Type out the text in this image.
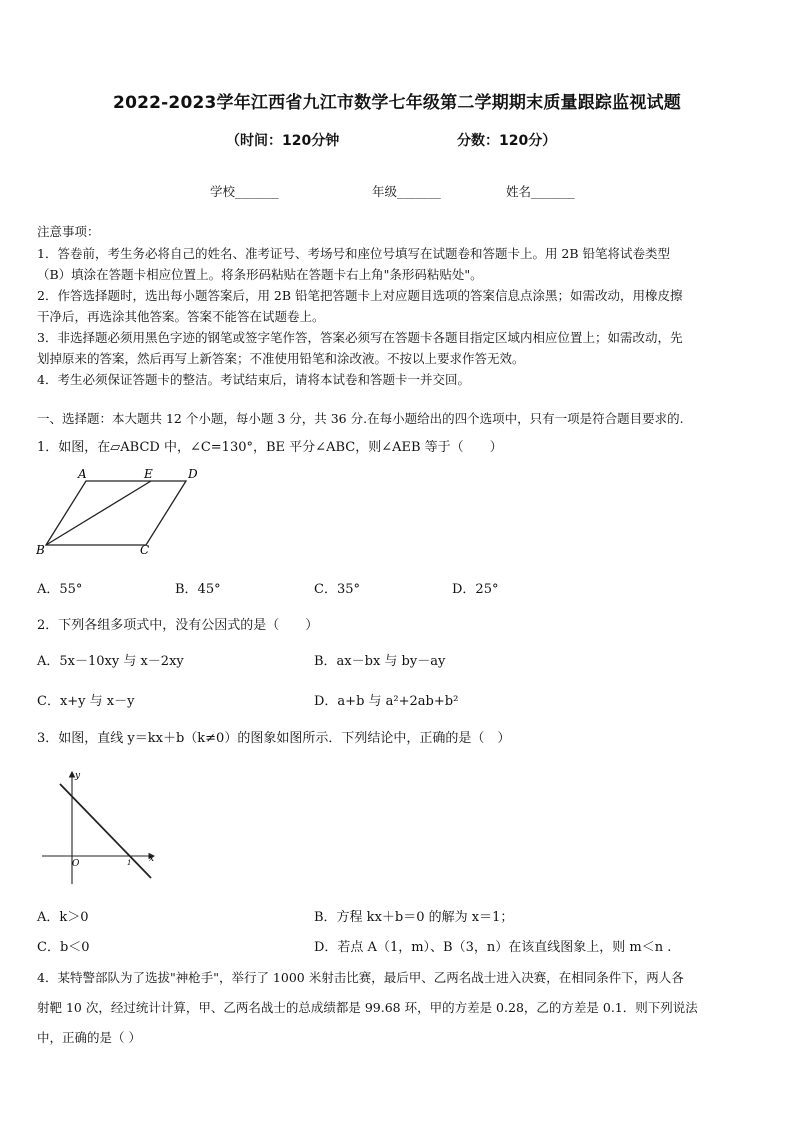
2022-2023学年江西省九江市数学七年级第二学期期末质量跟踪监视试题
（时间：120分钟	分数：120分）
学校_______	年级_______	姓名_______
注意事项：
1．答卷前，考生务必将自己的姓名、准考证号、考场号和座位号填写在试题卷和答题卡上。用 2B 铅笔将试卷类型
（B）填涂在答题卡相应位置上。将条形码粘贴在答题卡右上角"条形码粘贴处"。
2．作答选择题时，选出每小题答案后，用 2B 铅笔把答题卡上对应题目选项的答案信息点涂黑；如需改动，用橡皮擦
干净后，再选涂其他答案。答案不能答在试题卷上。
3．非选择题必须用黑色字迹的钢笔或签字笔作答，答案必须写在答题卡各题目指定区域内相应位置上；如需改动，先
划掉原来的答案，然后再写上新答案；不准使用铅笔和涂改液。不按以上要求作答无效。
4．考生必须保证答题卡的整洁。考试结束后，请将本试卷和答题卡一并交回。
一、选择题：本大题共 12 个小题，每小题 3 分，共 36 分.在每小题给出的四个选项中，只有一项是符合题目要求的.
1．如图，在▱ABCD 中，∠C=130°，BE 平分∠ABC，则∠AEB 等于（　　）
A	E	D
B	C
A．55°	B．45°	C．35°	D．25°
2．下列各组多项式中，没有公因式的是（　　）
A．5x－10xy 与 x－2xy	B．ax－bx 与 by－ay
C．x+y 与 x－y	D．a+b 与 a²+2ab+b²
3．如图，直线 y＝kx＋b（k≠0）的图象如图所示．下列结论中，正确的是（　）
y
x
O	1
A．k＞0	B．方程 kx＋b＝0 的解为 x＝1；
C．b＜0	D．若点 A（1，m）、B（3，n）在该直线图象上，则 m＜n .
4．某特警部队为了选拔"神枪手"，举行了 1000 米射击比赛，最后甲、乙两名战士进入决赛，在相同条件下，两人各
射靶 10 次，经过统计计算，甲、乙两名战士的总成绩都是 99.68 环，甲的方差是 0.28，乙的方差是 0.1．则下列说法
中，正确的是（ ）
